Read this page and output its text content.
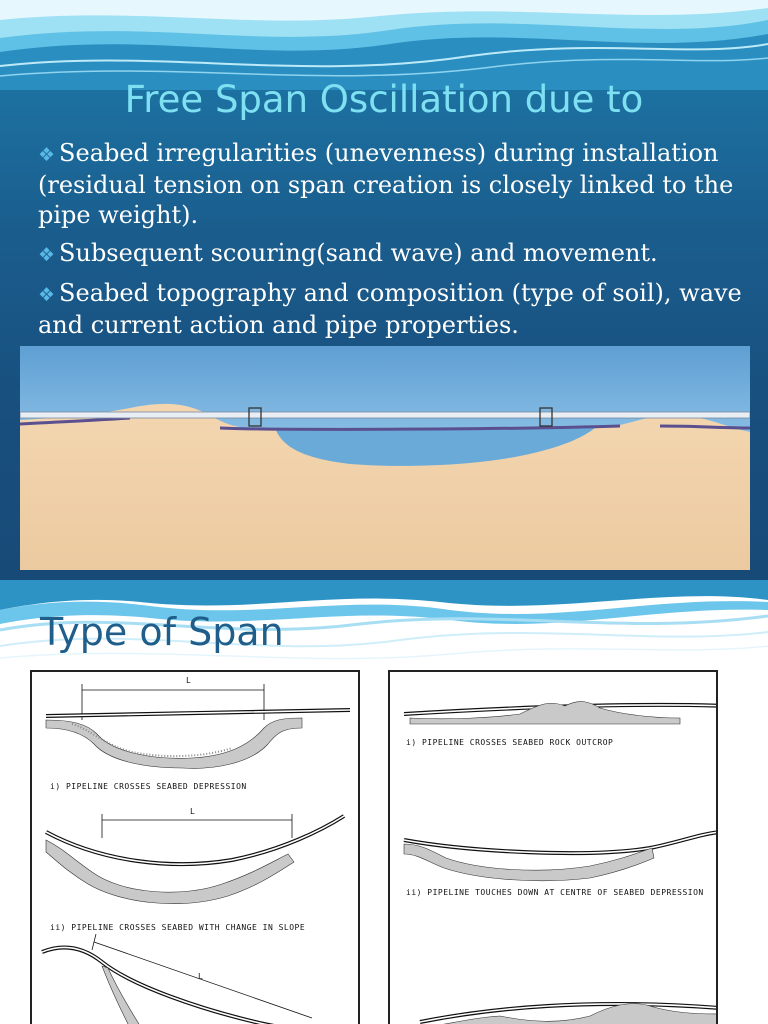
Free Span Oscillation due to
❖ Seabed irregularities (unevenness) during installation (residual tension on span creation is closely linked to the pipe weight).
❖ Subsequent scouring(sand wave) and movement.
❖ Seabed topography and composition (type of soil), wave and current action and pipe properties.
Type of Span
L
i) PIPELINE CROSSES SEABED DEPRESSION
L
ii) PIPELINE CROSSES SEABED WITH CHANGE IN SLOPE
L
i) PIPELINE CROSSES SEABED ROCK OUTCROP
ii) PIPELINE TOUCHES DOWN AT CENTRE OF SEABED DEPRESSION
